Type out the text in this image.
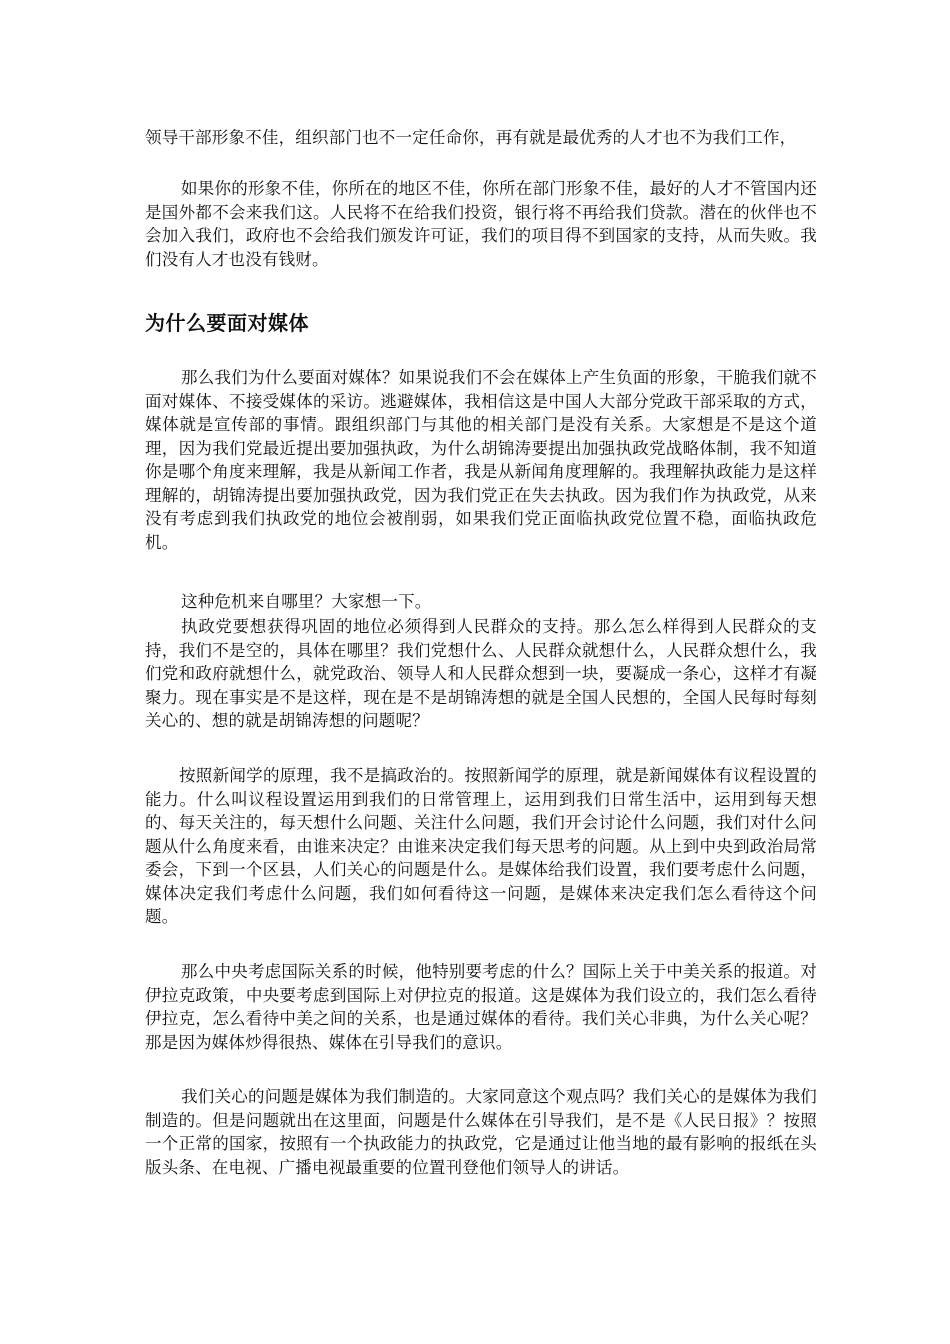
领导干部形象不佳，组织部门也不一定任命你，再有就是最优秀的人才也不为我们工作，
如果你的形象不佳，你所在的地区不佳，你所在部门形象不佳，最好的人才不管国内还是国外都不会来我们这。人民将不在给我们投资，银行将不再给我们贷款。潜在的伙伴也不会加入我们，政府也不会给我们颁发许可证，我们的项目得不到国家的支持，从而失败。我们没有人才也没有钱财。
为什么要面对媒体
那么我们为什么要面对媒体？如果说我们不会在媒体上产生负面的形象，干脆我们就不面对媒体、不接受媒体的采访。逃避媒体，我相信这是中国人大部分党政干部采取的方式，媒体就是宣传部的事情。跟组织部门与其他的相关部门是没有关系。大家想是不是这个道理，因为我们党最近提出要加强执政，为什么胡锦涛要提出加强执政党战略体制，我不知道你是哪个角度来理解，我是从新闻工作者，我是从新闻角度理解的。我理解执政能力是这样理解的，胡锦涛提出要加强执政党，因为我们党正在失去执政。因为我们作为执政党，从来没有考虑到我们执政党的地位会被削弱，如果我们党正面临执政党位置不稳，面临执政危机。
这种危机来自哪里？大家想一下。
执政党要想获得巩固的地位必须得到人民群众的支持。那么怎么样得到人民群众的支持，我们不是空的，具体在哪里？我们党想什么、人民群众就想什么，人民群众想什么，我们党和政府就想什么，就党政治、领导人和人民群众想到一块，要凝成一条心，这样才有凝聚力。现在事实是不是这样，现在是不是胡锦涛想的就是全国人民想的，全国人民每时每刻关心的、想的就是胡锦涛想的问题呢？
按照新闻学的原理，我不是搞政治的。按照新闻学的原理，就是新闻媒体有议程设置的能力。什么叫议程设置运用到我们的日常管理上，运用到我们日常生活中，运用到每天想的、每天关注的，每天想什么问题、关注什么问题，我们开会讨论什么问题，我们对什么问题从什么角度来看，由谁来决定？由谁来决定我们每天思考的问题。从上到中央到政治局常委会，下到一个区县，人们关心的问题是什么。是媒体给我们设置，我们要考虑什么问题，媒体决定我们考虑什么问题，我们如何看待这一问题，是媒体来决定我们怎么看待这个问题。
那么中央考虑国际关系的时候，他特别要考虑的什么？国际上关于中美关系的报道。对伊拉克政策，中央要考虑到国际上对伊拉克的报道。这是媒体为我们设立的，我们怎么看待伊拉克，怎么看待中美之间的关系，也是通过媒体的看待。我们关心非典，为什么关心呢？那是因为媒体炒得很热、媒体在引导我们的意识。
我们关心的问题是媒体为我们制造的。大家同意这个观点吗？我们关心的是媒体为我们制造的。但是问题就出在这里面，问题是什么媒体在引导我们，是不是《人民日报》？按照一个正常的国家，按照有一个执政能力的执政党，它是通过让他当地的最有影响的报纸在头版头条、在电视、广播电视最重要的位置刊登他们领导人的讲话。
